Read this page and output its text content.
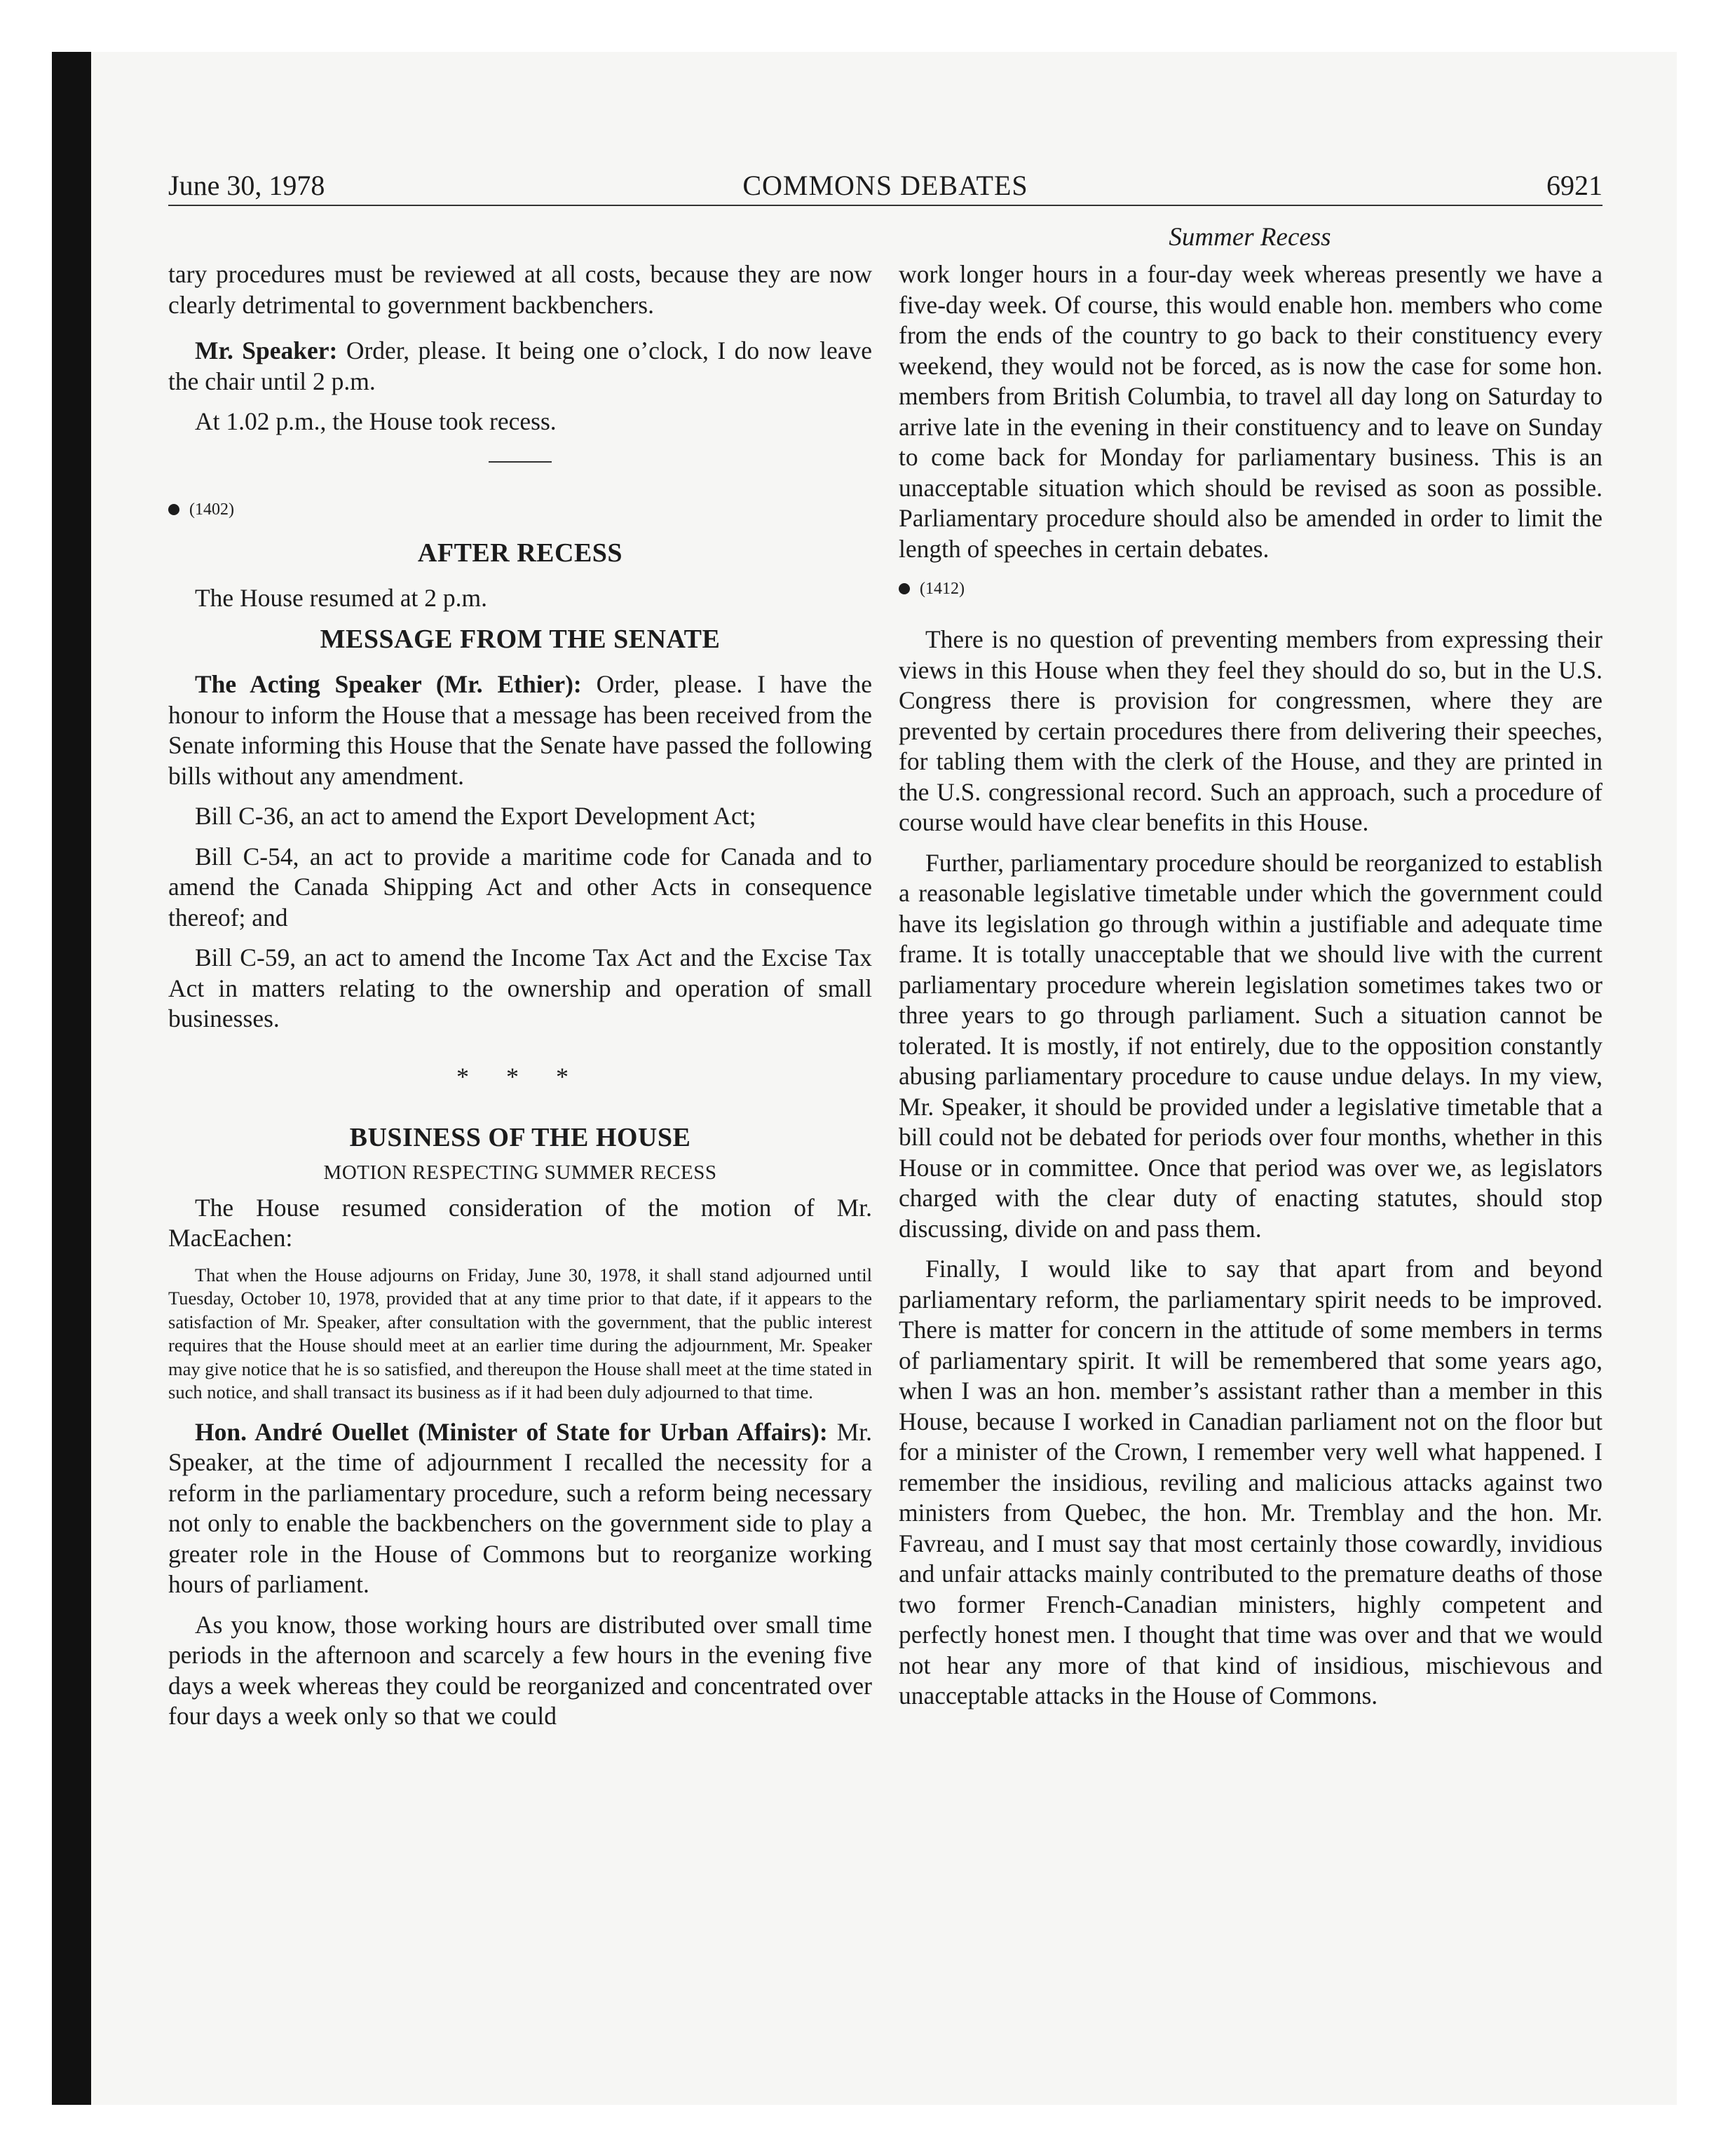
June 30, 1978	COMMONS DEBATES	6921
Summer Recess

tary procedures must be reviewed at all costs, because they are now clearly detrimental to government backbenchers.

Mr. Speaker: Order, please. It being one o’clock, I do now leave the chair until 2 p.m.

At 1.02 p.m., the House took recess.

(1402)
AFTER RECESS

The House resumed at 2 p.m.

MESSAGE FROM THE SENATE

The Acting Speaker (Mr. Ethier): Order, please. I have the honour to inform the House that a message has been received from the Senate informing this House that the Senate have passed the following bills without any amendment.

Bill C-36, an act to amend the Export Development Act;

Bill C-54, an act to provide a maritime code for Canada and to amend the Canada Shipping Act and other Acts in consequence thereof; and

Bill C-59, an act to amend the Income Tax Act and the Excise Tax Act in matters relating to the ownership and operation of small businesses.

* * *
BUSINESS OF THE HOUSE
MOTION RESPECTING SUMMER RECESS

The House resumed consideration of the motion of Mr. MacEachen:

That when the House adjourns on Friday, June 30, 1978, it shall stand adjourned until Tuesday, October 10, 1978, provided that at any time prior to that date, if it appears to the satisfaction of Mr. Speaker, after consultation with the government, that the public interest requires that the House should meet at an earlier time during the adjournment, Mr. Speaker may give notice that he is so satisfied, and thereupon the House shall meet at the time stated in such notice, and shall transact its business as if it had been duly adjourned to that time.

Hon. André Ouellet (Minister of State for Urban Affairs): Mr. Speaker, at the time of adjournment I recalled the necessity for a reform in the parliamentary procedure, such a reform being necessary not only to enable the backbenchers on the government side to play a greater role in the House of Commons but to reorganize working hours of parliament.

As you know, those working hours are distributed over small time periods in the afternoon and scarcely a few hours in the evening five days a week whereas they could be reorganized and concentrated over four days a week only so that we could

work longer hours in a four-day week whereas presently we have a five-day week. Of course, this would enable hon. members who come from the ends of the country to go back to their constituency every weekend, they would not be forced, as is now the case for some hon. members from British Columbia, to travel all day long on Saturday to arrive late in the evening in their constituency and to leave on Sunday to come back for Monday for parliamentary business. This is an unacceptable situation which should be revised as soon as possible. Parliamentary procedure should also be amended in order to limit the length of speeches in certain debates.

(1412)

There is no question of preventing members from expressing their views in this House when they feel they should do so, but in the U.S. Congress there is provision for congressmen, where they are prevented by certain procedures there from delivering their speeches, for tabling them with the clerk of the House, and they are printed in the U.S. congressional record. Such an approach, such a procedure of course would have clear benefits in this House.

Further, parliamentary procedure should be reorganized to establish a reasonable legislative timetable under which the government could have its legislation go through within a justifiable and adequate time frame. It is totally unacceptable that we should live with the current parliamentary procedure wherein legislation sometimes takes two or three years to go through parliament. Such a situation cannot be tolerated. It is mostly, if not entirely, due to the opposition constantly abusing parliamentary procedure to cause undue delays. In my view, Mr. Speaker, it should be provided under a legislative timetable that a bill could not be debated for periods over four months, whether in this House or in committee. Once that period was over we, as legislators charged with the clear duty of enacting statutes, should stop discussing, divide on and pass them.

Finally, I would like to say that apart from and beyond parliamentary reform, the parliamentary spirit needs to be improved. There is matter for concern in the attitude of some members in terms of parliamentary spirit. It will be remembered that some years ago, when I was an hon. member’s assistant rather than a member in this House, because I worked in Canadian parliament not on the floor but for a minister of the Crown, I remember very well what happened. I remember the insidious, reviling and malicious attacks against two ministers from Quebec, the hon. Mr. Tremblay and the hon. Mr. Favreau, and I must say that most certainly those cowardly, invidious and unfair attacks mainly contributed to the premature deaths of those two former French-Canadian ministers, highly competent and perfectly honest men. I thought that time was over and that we would not hear any more of that kind of insidious, mischievous and unacceptable attacks in the House of Commons.
